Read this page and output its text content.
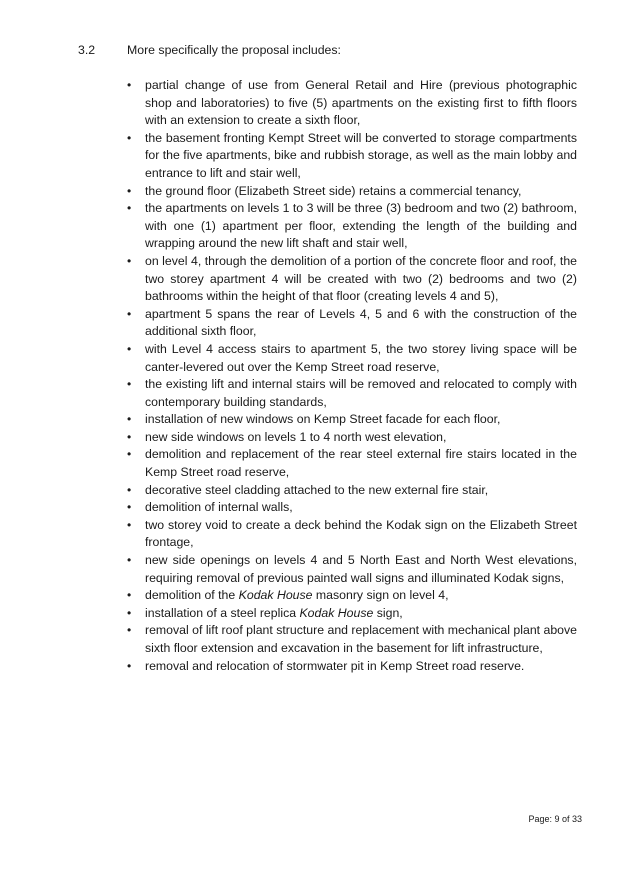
3.2	More specifically the proposal includes:
• partial change of use from General Retail and Hire (previous photographic shop and laboratories) to five (5) apartments on the existing first to fifth floors with an extension to create a sixth floor,
• the basement fronting Kempt Street will be converted to storage compartments for the five apartments, bike and rubbish storage, as well as the main lobby and entrance to lift and stair well,
• the ground floor (Elizabeth Street side) retains a commercial tenancy,
• the apartments on levels 1 to 3 will be three (3) bedroom and two (2) bathroom, with one (1) apartment per floor, extending the length of the building and wrapping around the new lift shaft and stair well,
• on level 4, through the demolition of a portion of the concrete floor and roof, the two storey apartment 4 will be created with two (2) bedrooms and two (2) bathrooms within the height of that floor (creating levels 4 and 5),
• apartment 5 spans the rear of Levels 4, 5 and 6 with the construction of the additional sixth floor,
• with Level 4 access stairs to apartment 5, the two storey living space will be canter-levered out over the Kemp Street road reserve,
• the existing lift and internal stairs will be removed and relocated to comply with contemporary building standards,
• installation of new windows on Kemp Street facade for each floor,
• new side windows on levels 1 to 4 north west elevation,
• demolition and replacement of the rear steel external fire stairs located in the Kemp Street road reserve,
• decorative steel cladding attached to the new external fire stair,
• demolition of internal walls,
• two storey void to create a deck behind the Kodak sign on the Elizabeth Street frontage,
• new side openings on levels 4 and 5 North East and North West elevations, requiring removal of previous painted wall signs and illuminated Kodak signs,
• demolition of the Kodak House masonry sign on level 4,
• installation of a steel replica Kodak House sign,
• removal of lift roof plant structure and replacement with mechanical plant above sixth floor extension and excavation in the basement for lift infrastructure,
• removal and relocation of stormwater pit in Kemp Street road reserve.
Page: 9 of 33
